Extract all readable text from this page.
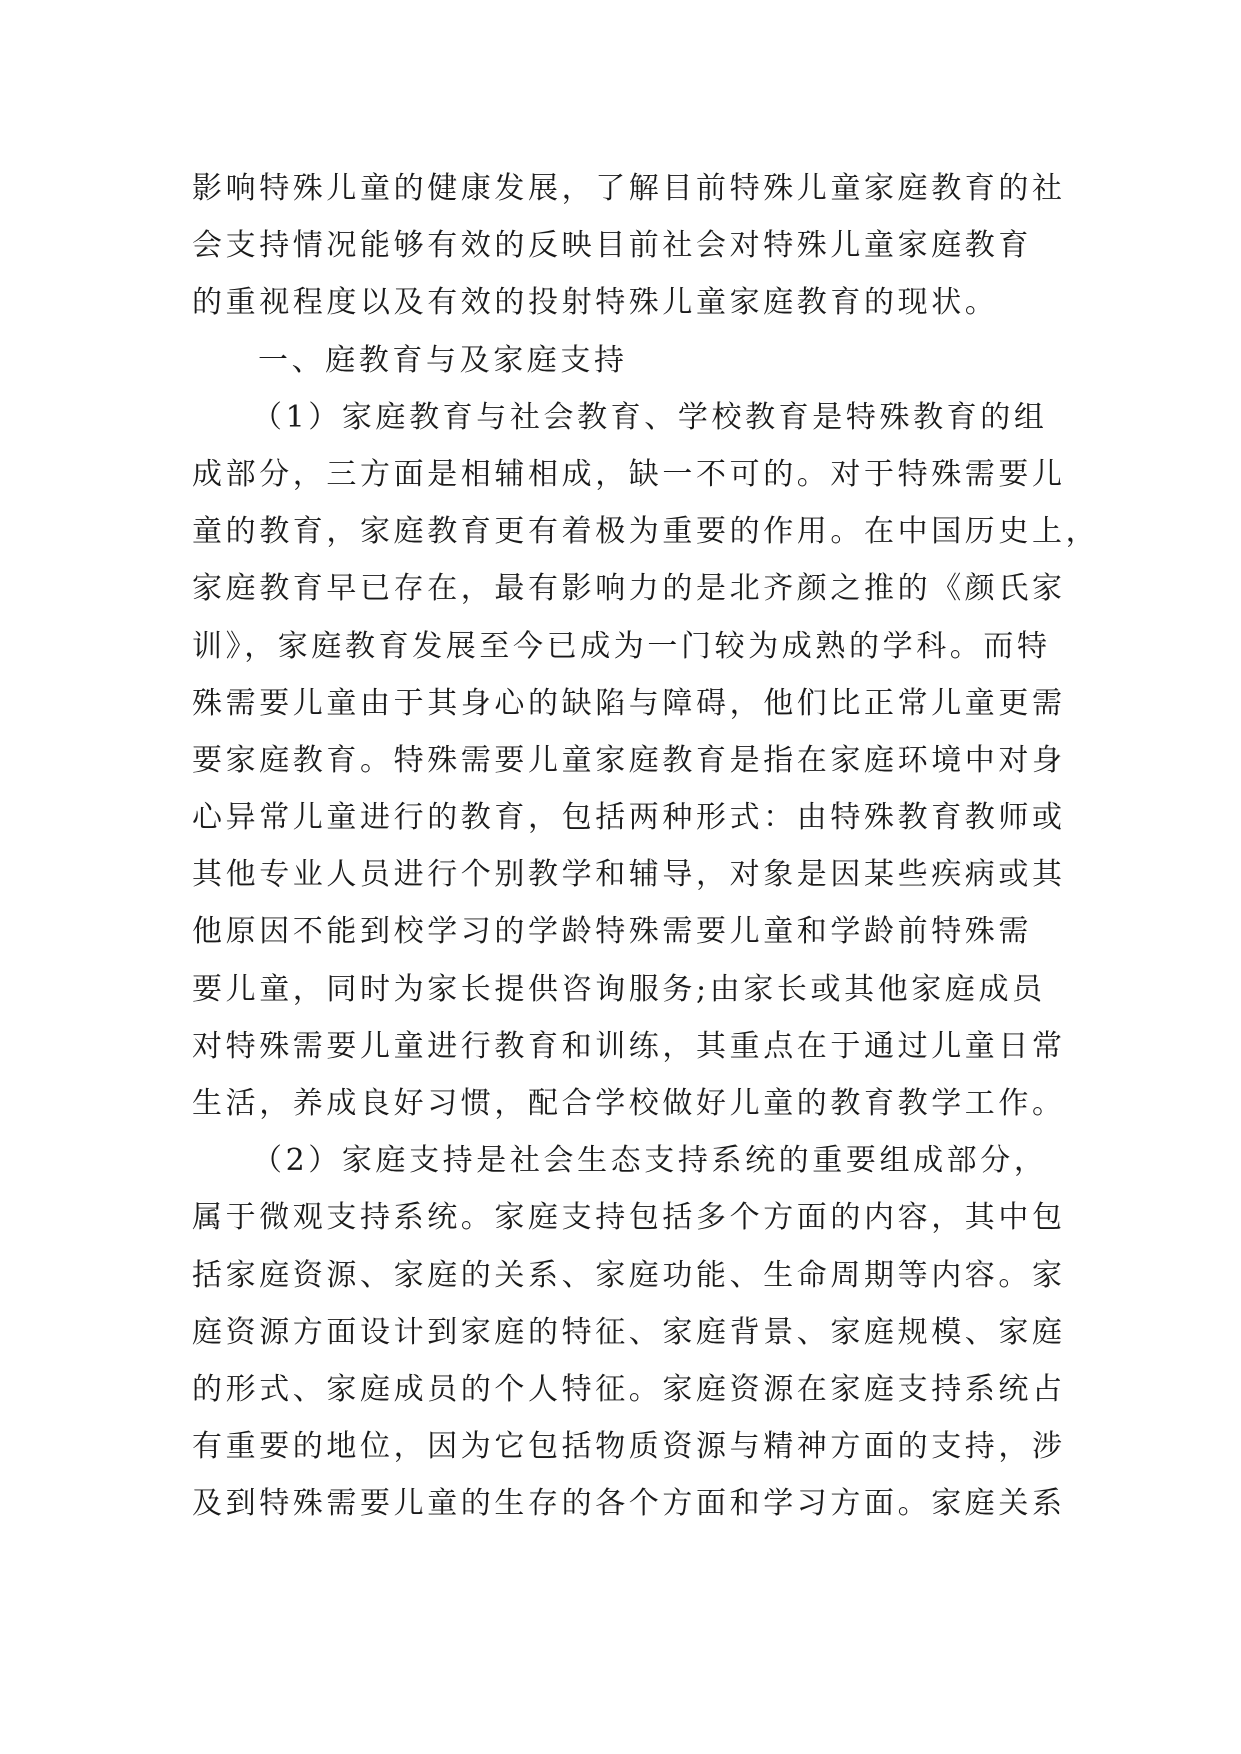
影响特殊儿童的健康发展，了解目前特殊儿童家庭教育的社
会支持情况能够有效的反映目前社会对特殊儿童家庭教育
的重视程度以及有效的投射特殊儿童家庭教育的现状。
一、庭教育与及家庭支持
（1）家庭教育与社会教育、学校教育是特殊教育的组
成部分，三方面是相辅相成，缺一不可的。对于特殊需要儿
童的教育，家庭教育更有着极为重要的作用。在中国历史上，
家庭教育早已存在，最有影响力的是北齐颜之推的《颜氏家
训》，家庭教育发展至今已成为一门较为成熟的学科。而特
殊需要儿童由于其身心的缺陷与障碍，他们比正常儿童更需
要家庭教育。特殊需要儿童家庭教育是指在家庭环境中对身
心异常儿童进行的教育，包括两种形式：由特殊教育教师或
其他专业人员进行个别教学和辅导，对象是因某些疾病或其
他原因不能到校学习的学龄特殊需要儿童和学龄前特殊需
要儿童，同时为家长提供咨询服务;由家长或其他家庭成员
对特殊需要儿童进行教育和训练，其重点在于通过儿童日常
生活，养成良好习惯，配合学校做好儿童的教育教学工作。
（2）家庭支持是社会生态支持系统的重要组成部分，
属于微观支持系统。家庭支持包括多个方面的内容，其中包
括家庭资源、家庭的关系、家庭功能、生命周期等内容。家
庭资源方面设计到家庭的特征、家庭背景、家庭规模、家庭
的形式、家庭成员的个人特征。家庭资源在家庭支持系统占
有重要的地位，因为它包括物质资源与精神方面的支持，涉
及到特殊需要儿童的生存的各个方面和学习方面。家庭关系
